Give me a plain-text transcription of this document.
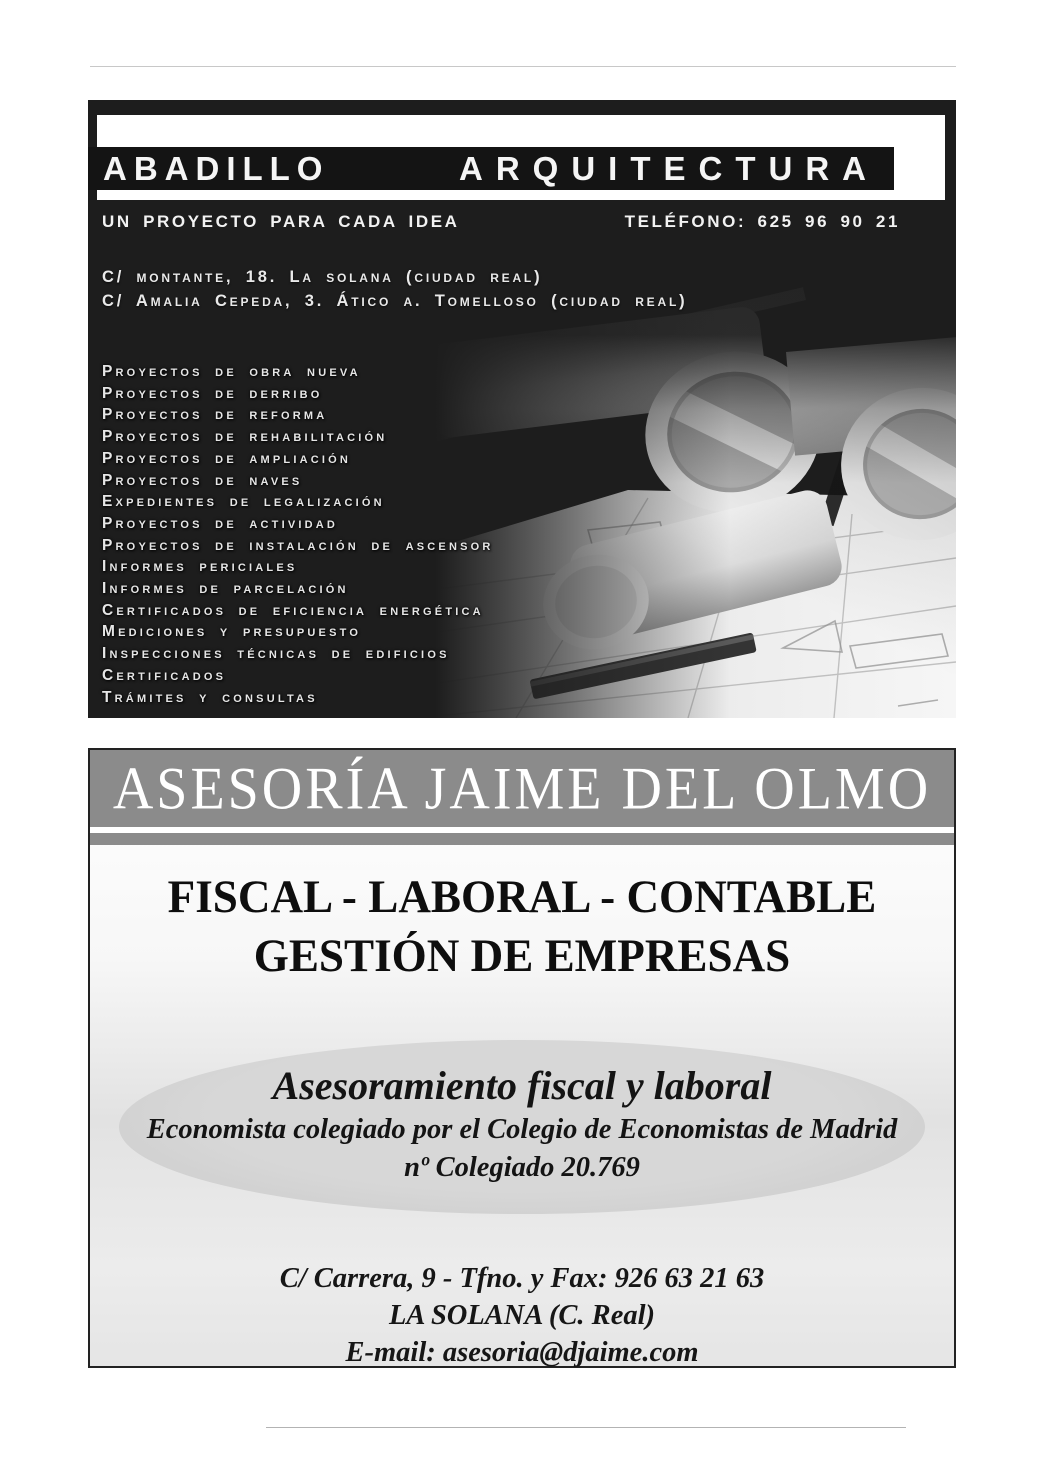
ABADILLO	ARQUITECTURA
UN PROYECTO PARA CADA IDEA	TELÉFONO: 625 96 90 21
C/ montante, 18. La solana (ciudad real)
C/ Amalia Cepeda, 3. Ático a. Tomelloso (ciudad real)
Proyectos de obra nueva
Proyectos de derribo
Proyectos de reforma
Proyectos de rehabilitación
Proyectos de ampliación
Proyectos de naves
Expedientes de legalización
Proyectos de actividad
Proyectos de instalación de ascensor
Informes periciales
Informes de parcelación
Certificados de eficiencia energética
Mediciones y presupuesto
Inspecciones técnicas de edificios
Certificados
Trámites y consultas
ASESORÍA JAIME DEL OLMO
FISCAL - LABORAL - CONTABLE
GESTIÓN DE EMPRESAS
Asesoramiento fiscal y laboral
Economista colegiado por el Colegio de Economistas de Madrid
nº Colegiado 20.769
C/ Carrera, 9 - Tfno. y Fax: 926 63 21 63
LA SOLANA (C. Real)
E-mail: asesoria@djaime.com
